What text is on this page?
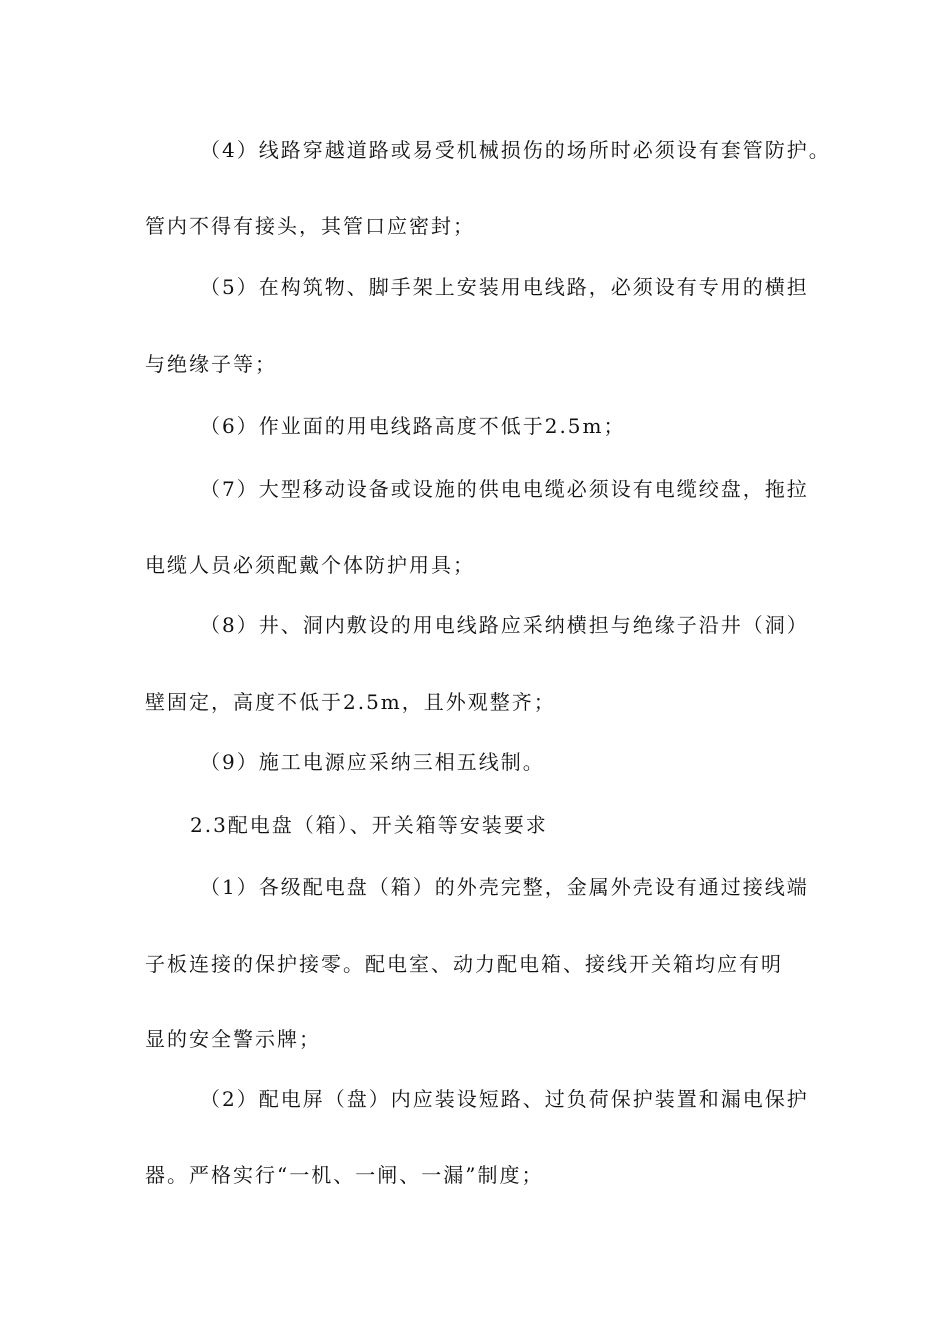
（4）线路穿越道路或易受机械损伤的场所时必须设有套管防护。
管内不得有接头，其管口应密封；
（5）在构筑物、脚手架上安装用电线路，必须设有专用的横担
与绝缘子等；
（6）作业面的用电线路高度不低于2.5m；
（7）大型移动设备或设施的供电电缆必须设有电缆绞盘，拖拉
电缆人员必须配戴个体防护用具；
（8）井、洞内敷设的用电线路应采纳横担与绝缘子沿井（洞）
壁固定，高度不低于2.5m，且外观整齐；
（9）施工电源应采纳三相五线制。
2.3配电盘（箱）、开关箱等安装要求
（1）各级配电盘（箱）的外壳完整，金属外壳设有通过接线端
子板连接的保护接零。配电室、动力配电箱、接线开关箱均应有明
显的安全警示牌；
（2）配电屏（盘）内应装设短路、过负荷保护装置和漏电保护
器。严格实行“一机、一闸、一漏”制度；
